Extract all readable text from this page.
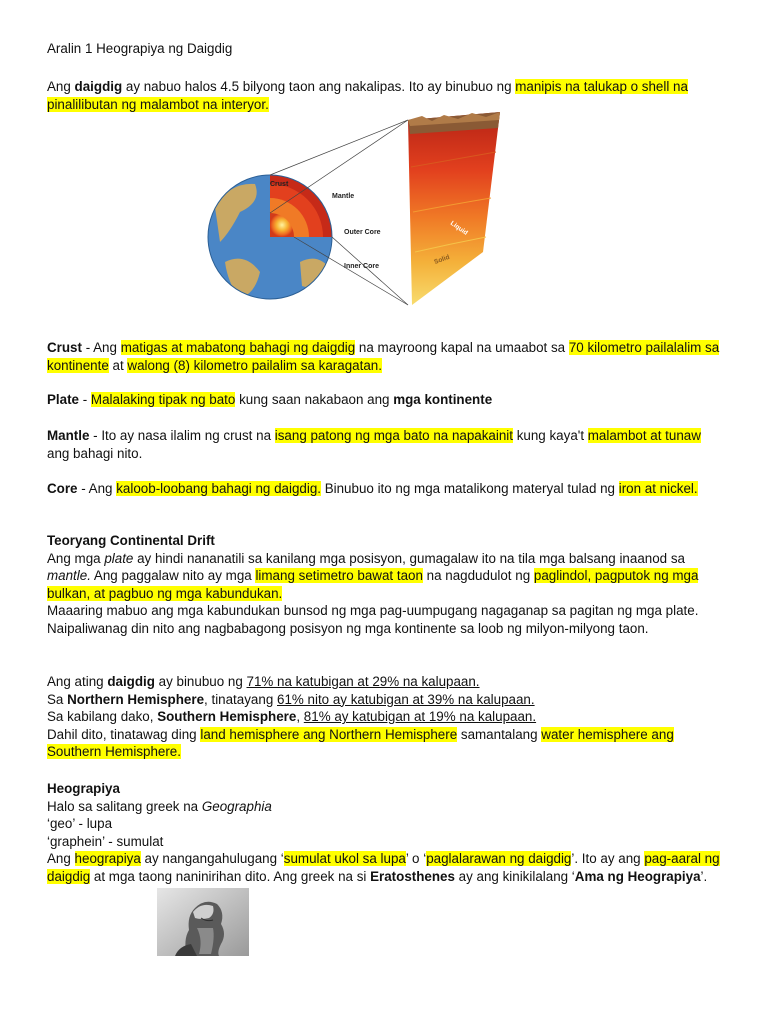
Aralin 1 Heograpiya ng Daigdig
Ang daigdig ay nabuo halos 4.5 bilyong taon ang nakalipas. Ito ay binubuo ng manipis na talukap o shell na pinalilibutan ng malambot na interyor.
Crust
Mantle
Outer Core
Inner Core
Liquid
Solid
Crust - Ang matigas at mabatong bahagi ng daigdig na mayroong kapal na umaabot sa 70 kilometro pailalalim sa kontinente at walong (8) kilometro pailalim sa karagatan.
Plate - Malalaking tipak ng bato kung saan nakabaon ang mga kontinente
Mantle - Ito ay nasa ilalim ng crust na isang patong ng mga bato na napakainit kung kaya't malambot at tunaw ang bahagi nito.
Core - Ang kaloob-loobang bahagi ng daigdig. Binubuo ito ng mga matalikong materyal tulad ng iron at nickel.
Teoryang Continental Drift
Ang mga plate ay hindi nananatili sa kanilang mga posisyon, gumagalaw ito na tila mga balsang inaanod sa mantle. Ang paggalaw nito ay mga limang setimetro bawat taon na nagdudulot ng paglindol, pagputok ng mga bulkan, at pagbuo ng mga kabundukan.
Maaaring mabuo ang mga kabundukan bunsod ng mga pag-uumpugang nagaganap sa pagitan ng mga plate. Naipaliwanag din nito ang nagbabagong posisyon ng mga kontinente sa loob ng milyon-milyong taon.
Ang ating daigdig ay binubuo ng 71% na katubigan at 29% na kalupaan.
Sa Northern Hemisphere, tinatayang 61% nito ay katubigan at 39% na kalupaan.
Sa kabilang dako, Southern Hemisphere, 81% ay katubigan at 19% na kalupaan.
Dahil dito, tinatawag ding land hemisphere ang Northern Hemisphere samantalang water hemisphere ang Southern Hemisphere.
Heograpiya
Halo sa salitang greek na Geographia
‘geo’ - lupa
‘graphein’ - sumulat
Ang heograpiya ay nangangahulugang ‘sumulat ukol sa lupa’ o ‘paglalarawan ng daigdig’. Ito ay ang pag-aaral ng daigdig at mga taong naninirihan dito. Ang greek na si Eratosthenes ay ang kinikilalang ‘Ama ng Heograpiya’.
